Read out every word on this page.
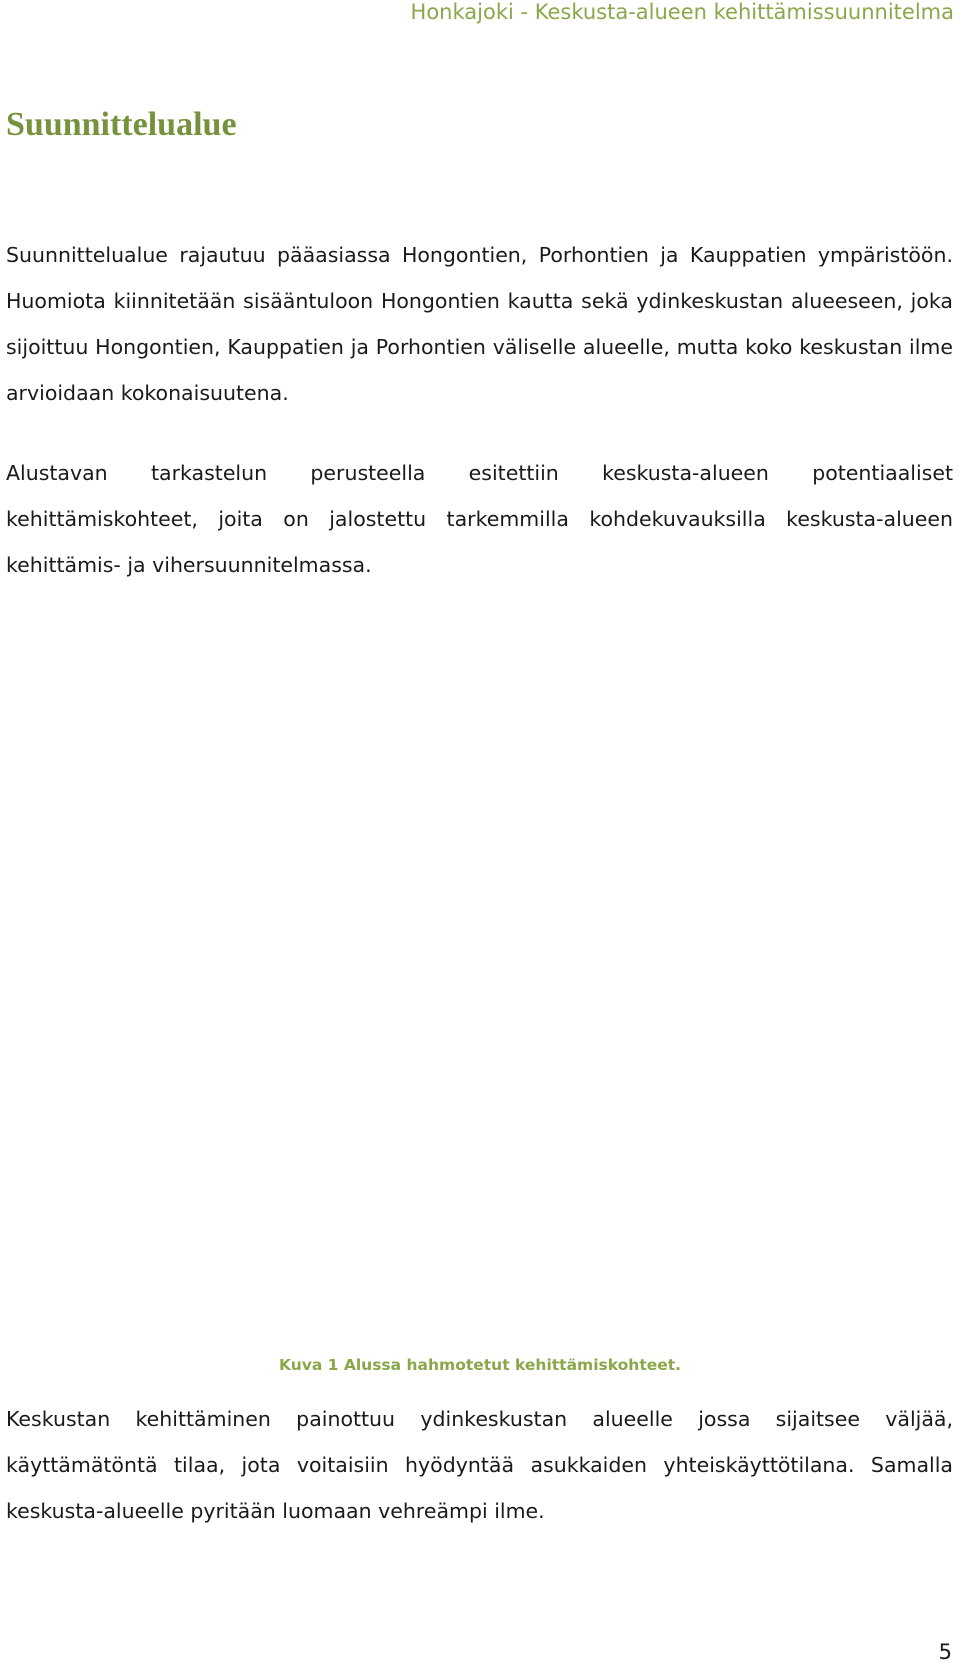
Honkajoki - Keskusta-alueen kehittämissuunnitelma
Suunnittelualue

Suunnittelualue rajautuu pääasiassa Hongontien, Porhontien ja Kauppatien ympäristöön. Huomiota kiinnitetään sisääntuloon Hongontien kautta sekä ydinkeskustan alueeseen, joka sijoittuu Hongontien, Kauppatien ja Porhontien väliselle alueelle, mutta koko keskustan ilme arvioidaan kokonaisuutena.

Alustavan tarkastelun perusteella esitettiin keskusta-alueen potentiaaliset kehittämiskohteet, joita on jalostettu tarkemmilla kohdekuvauksilla keskusta-alueen kehittämis- ja vihersuunnitelmassa.

Kuva 1 Alussa hahmotetut kehittämiskohteet.

Keskustan kehittäminen painottuu ydinkeskustan alueelle jossa sijaitsee väljää, käyttämätöntä tilaa, jota voitaisiin hyödyntää asukkaiden yhteiskäyttötilana. Samalla keskusta-alueelle pyritään luomaan vehreämpi ilme.

5
